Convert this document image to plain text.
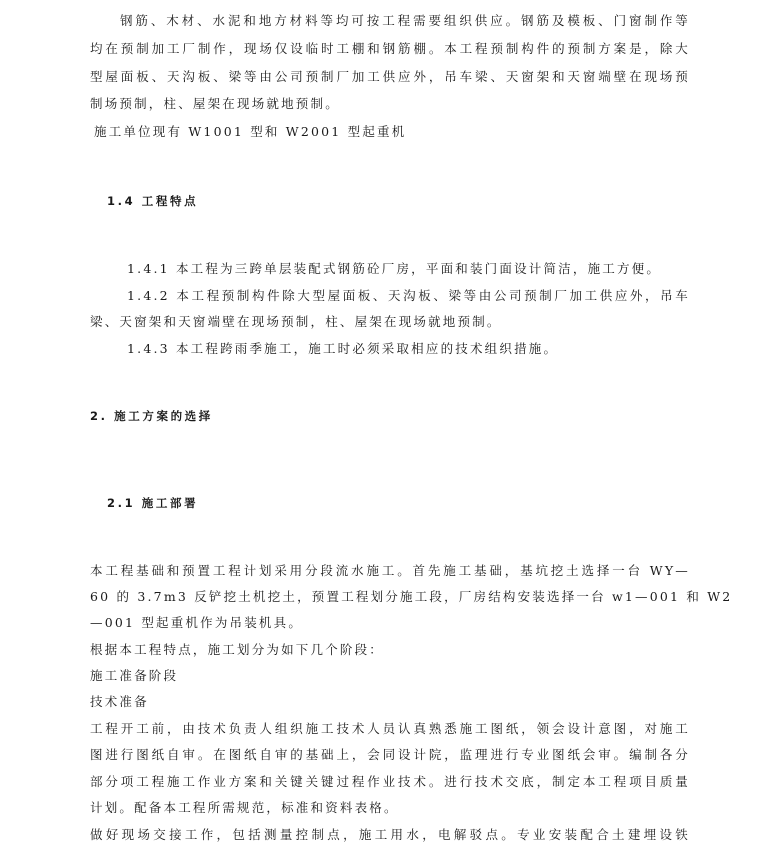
钢筋、木材、水泥和地方材料等均可按工程需要组织供应。钢筋及模板、门窗制作等
均在预制加工厂制作，现场仅设临时工棚和钢筋棚。本工程预制构件的预制方案是，除大
型屋面板、天沟板、梁等由公司预制厂加工供应外，吊车梁、天窗架和天窗端壁在现场预
制场预制，柱、屋架在现场就地预制。
施工单位现有 W1001 型和 W2001 型起重机
1.4 工程特点
1.4.1 本工程为三跨单层装配式钢筋砼厂房，平面和装门面设计简洁，施工方便。
1.4.2 本工程预制构件除大型屋面板、天沟板、梁等由公司预制厂加工供应外，吊车
梁、天窗架和天窗端壁在现场预制，柱、屋架在现场就地预制。
1.4.3 本工程跨雨季施工，施工时必须采取相应的技术组织措施。
2. 施工方案的选择
2.1 施工部署
本工程基础和预置工程计划采用分段流水施工。首先施工基础，基坑挖土选择一台 WY—
60 的 3.7m3 反铲挖土机挖土，预置工程划分施工段，厂房结构安装选择一台 w1—001 和 W2
—001 型起重机作为吊装机具。
根据本工程特点，施工划分为如下几个阶段：
施工准备阶段
技术准备
工程开工前，由技术负责人组织施工技术人员认真熟悉施工图纸，领会设计意图，对施工
图进行图纸自审。在图纸自审的基础上，会同设计院，监理进行专业图纸会审。编制各分
部分项工程施工作业方案和关键关键过程作业技术。进行技术交底，制定本工程项目质量
计划。配备本工程所需规范，标准和资料表格。
做好现场交接工作，包括测量控制点，施工用水，电解驳点。专业安装配合土建埋设铁
